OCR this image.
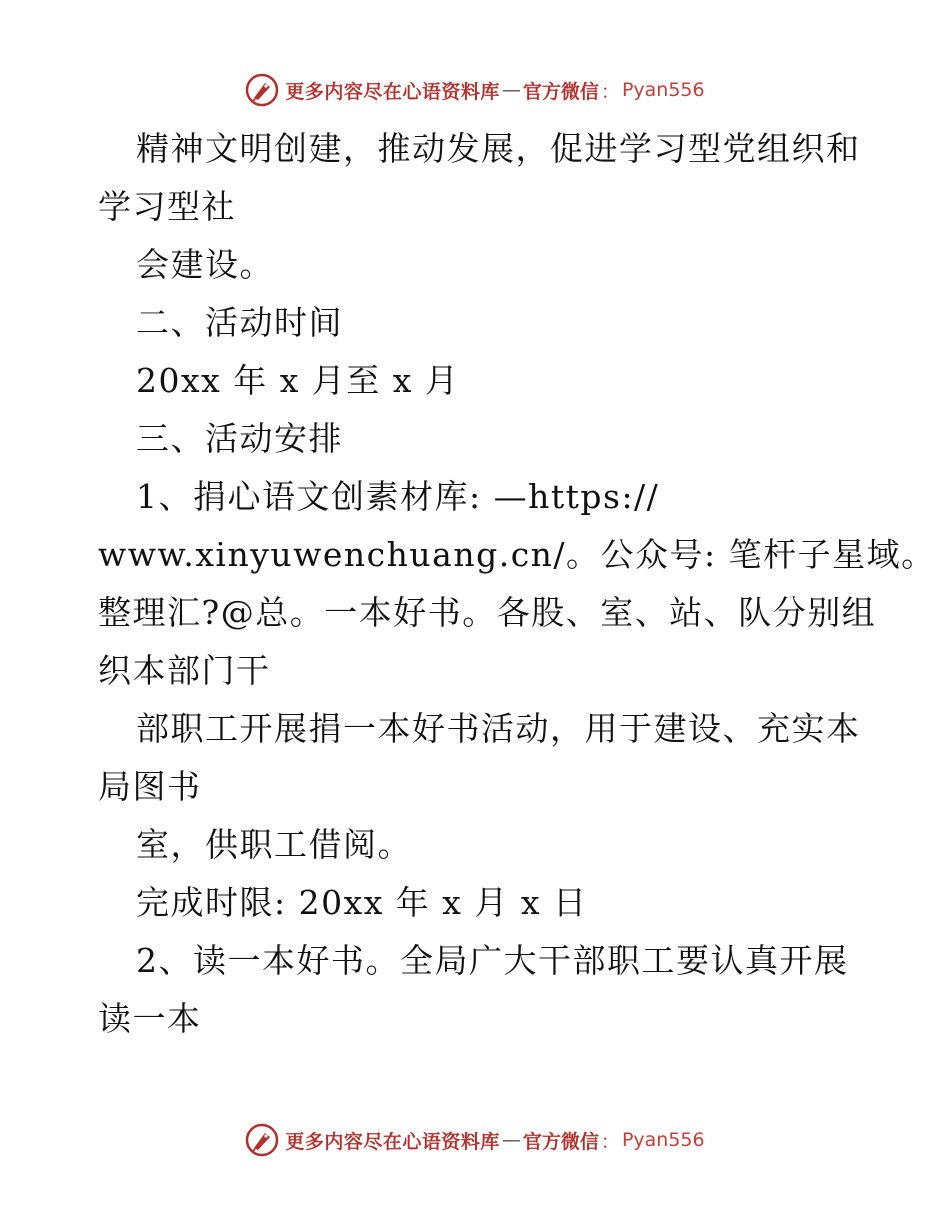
更多内容尽在心语资料库 — 官方微信 ： Pyan556
精神文明创建，推动发展，促进学习型党组织和
学习型社
会建设。
二、活动时间
20xx 年 x 月至 x 月
三、活动安排
1、捐心语文创素材库: —https://
www.xinyuwenchuang.cn/。公众号: 笔杆子星域。
整理汇?@总。一本好书。各股、室、站、队分别组
织本部门干
部职工开展捐一本好书活动，用于建设、充实本
局图书
室，供职工借阅。
完成时限: 20xx 年 x 月 x 日
2、读一本好书。全局广大干部职工要认真开展
读一本
更多内容尽在心语资料库 — 官方微信 ： Pyan556
